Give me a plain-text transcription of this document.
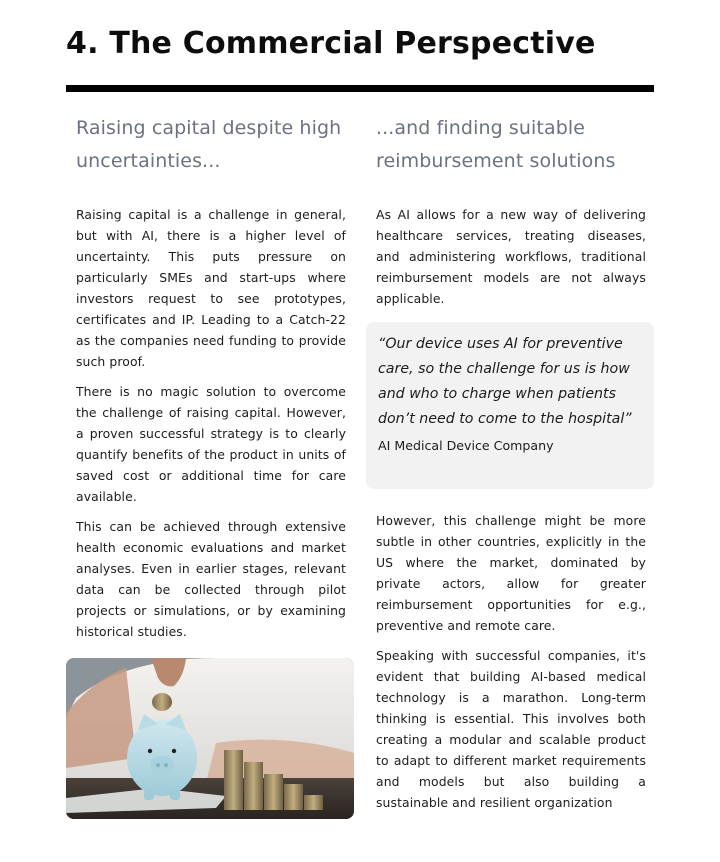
4. The Commercial Perspective
Raising capital despite high uncertainties...

Raising capital is a challenge in general, but with AI, there is a higher level of uncertainty. This puts pressure on particularly SMEs and start-ups where investors request to see prototypes, certificates and IP. Leading to a Catch-22 as the companies need funding to provide such proof.

There is no magic solution to overcome the challenge of raising capital. However, a proven successful strategy is to clearly quantify benefits of the product in units of saved cost or additional time for care available.

This can be achieved through extensive health economic evaluations and market analyses. Even in earlier stages, relevant data can be collected through pilot projects or simulations, or by examining historical studies.

...and finding suitable reimbursement solutions

As AI allows for a new way of delivering healthcare services, treating diseases, and administering workflows, traditional reimbursement models are not always applicable.

However, this challenge might be more subtle in other countries, explicitly in the US where the market, dominated by private actors, allow for greater reimbursement opportunities for e.g., preventive and remote care.

Speaking with successful companies, it's evident that building AI-based medical technology is a marathon. Long-term thinking is essential. This involves both creating a modular and scalable product to adapt to different market requirements and models but also building a sustainable and resilient organization

“Our device uses AI for preventive care, so the challenge for us is how and who to charge when patients don’t need to come to the hospital”

AI Medical Device Company
